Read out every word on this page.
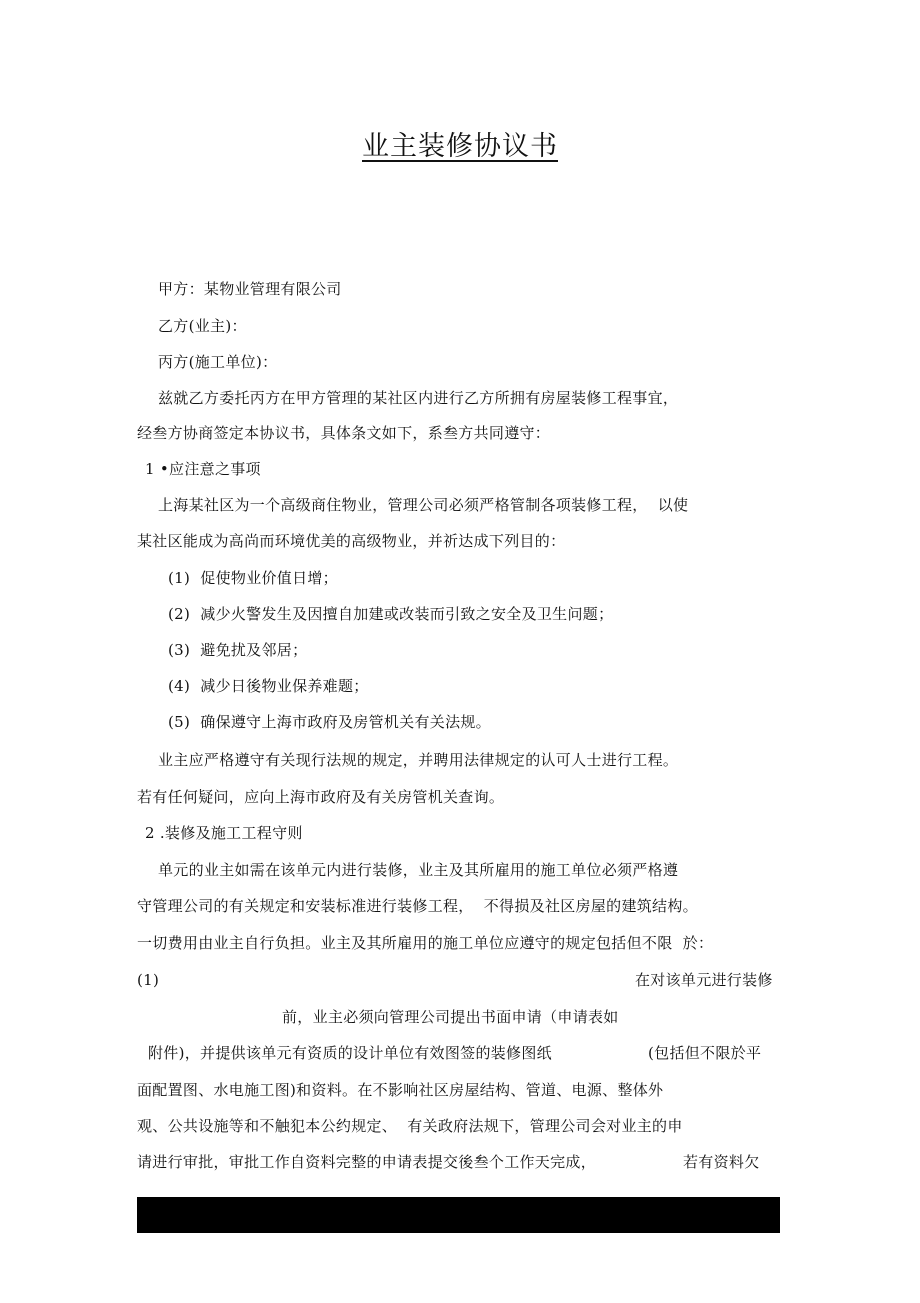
业主装修协议书
甲方：某物业管理有限公司
乙方(业主)：
丙方(施工单位)：
兹就乙方委托丙方在甲方管理的某社区内进行乙方所拥有房屋装修工程事宜，
经叁方协商签定本协议书，具体条文如下，系叁方共同遵守：
1 •应注意之事项
上海某社区为一个高级商住物业，管理公司必须严格管制各项装修工程，  以使
某社区能成为高尚而环境优美的高级物业，并祈达成下列目的：
(1)  促使物业价值日增；
(2)  减少火警发生及因擅自加建或改装而引致之安全及卫生问题；
(3)  避免扰及邻居；
(4)  减少日後物业保养难题；
(5)  确保遵守上海市政府及房管机关有关法规。
业主应严格遵守有关现行法规的规定，并聘用法律规定的认可人士进行工程。
若有任何疑问，应向上海市政府及有关房管机关查询。
2 .装修及施工工程守则
单元的业主如需在该单元内进行装修，业主及其所雇用的施工单位必须严格遵
守管理公司的有关规定和安装标准进行装修工程，  不得损及社区房屋的建筑结构。
一切费用由业主自行负担。业主及其所雇用的施工单位应遵守的规定包括但不限  於：
(1)	在对该单元进行装修
前，业主必须向管理公司提出书面申请（申请表如
附件)，并提供该单元有资质的设计单位有效图签的装修图纸	(包括但不限於平
面配置图、水电施工图)和资料。在不影响社区房屋结构、管道、电源、整体外
观、公共设施等和不触犯本公约规定、  有关政府法规下，管理公司会对业主的申
请进行审批，审批工作自资料完整的申请表提交後叁个工作天完成，	若有资料欠
